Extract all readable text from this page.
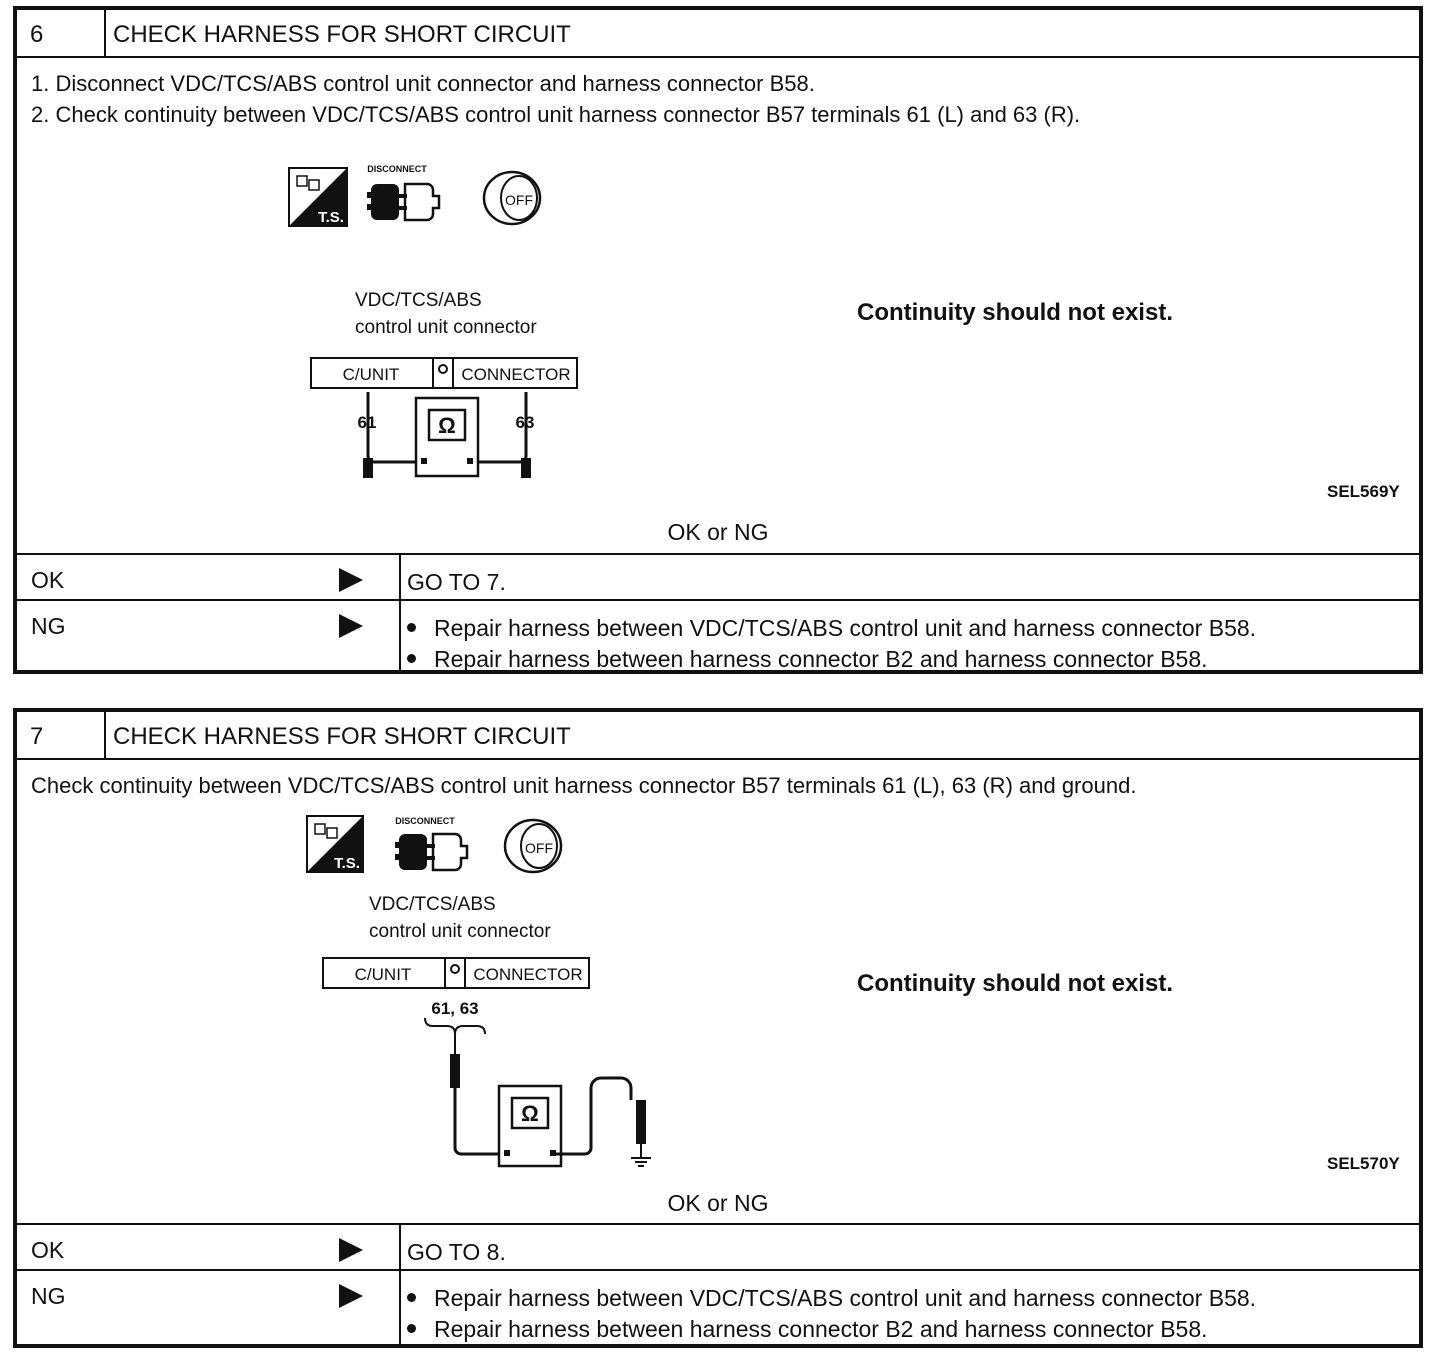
6	CHECK HARNESS FOR SHORT CIRCUIT
1. Disconnect VDC/TCS/ABS control unit connector and harness connector B58.
2. Check continuity between VDC/TCS/ABS control unit harness connector B57 terminals 61 (L) and 63 (R).
T.S.
DISCONNECT
OFF
VDC/TCS/ABS
control unit connector
C/UNIT	CONNECTOR
61	63
Ω
Continuity should not exist.
SEL569Y
OK or NG
OK	GO TO 7.
NG	Repair harness between VDC/TCS/ABS control unit and harness connector B58.
Repair harness between harness connector B2 and harness connector B58.
7	CHECK HARNESS FOR SHORT CIRCUIT
Check continuity between VDC/TCS/ABS control unit harness connector B57 terminals 61 (L), 63 (R) and ground.
T.S.
DISCONNECT
OFF
VDC/TCS/ABS
control unit connector
C/UNIT	CONNECTOR
61, 63
Ω
Continuity should not exist.
SEL570Y
OK or NG
OK	GO TO 8.
NG	Repair harness between VDC/TCS/ABS control unit and harness connector B58.
Repair harness between harness connector B2 and harness connector B58.
